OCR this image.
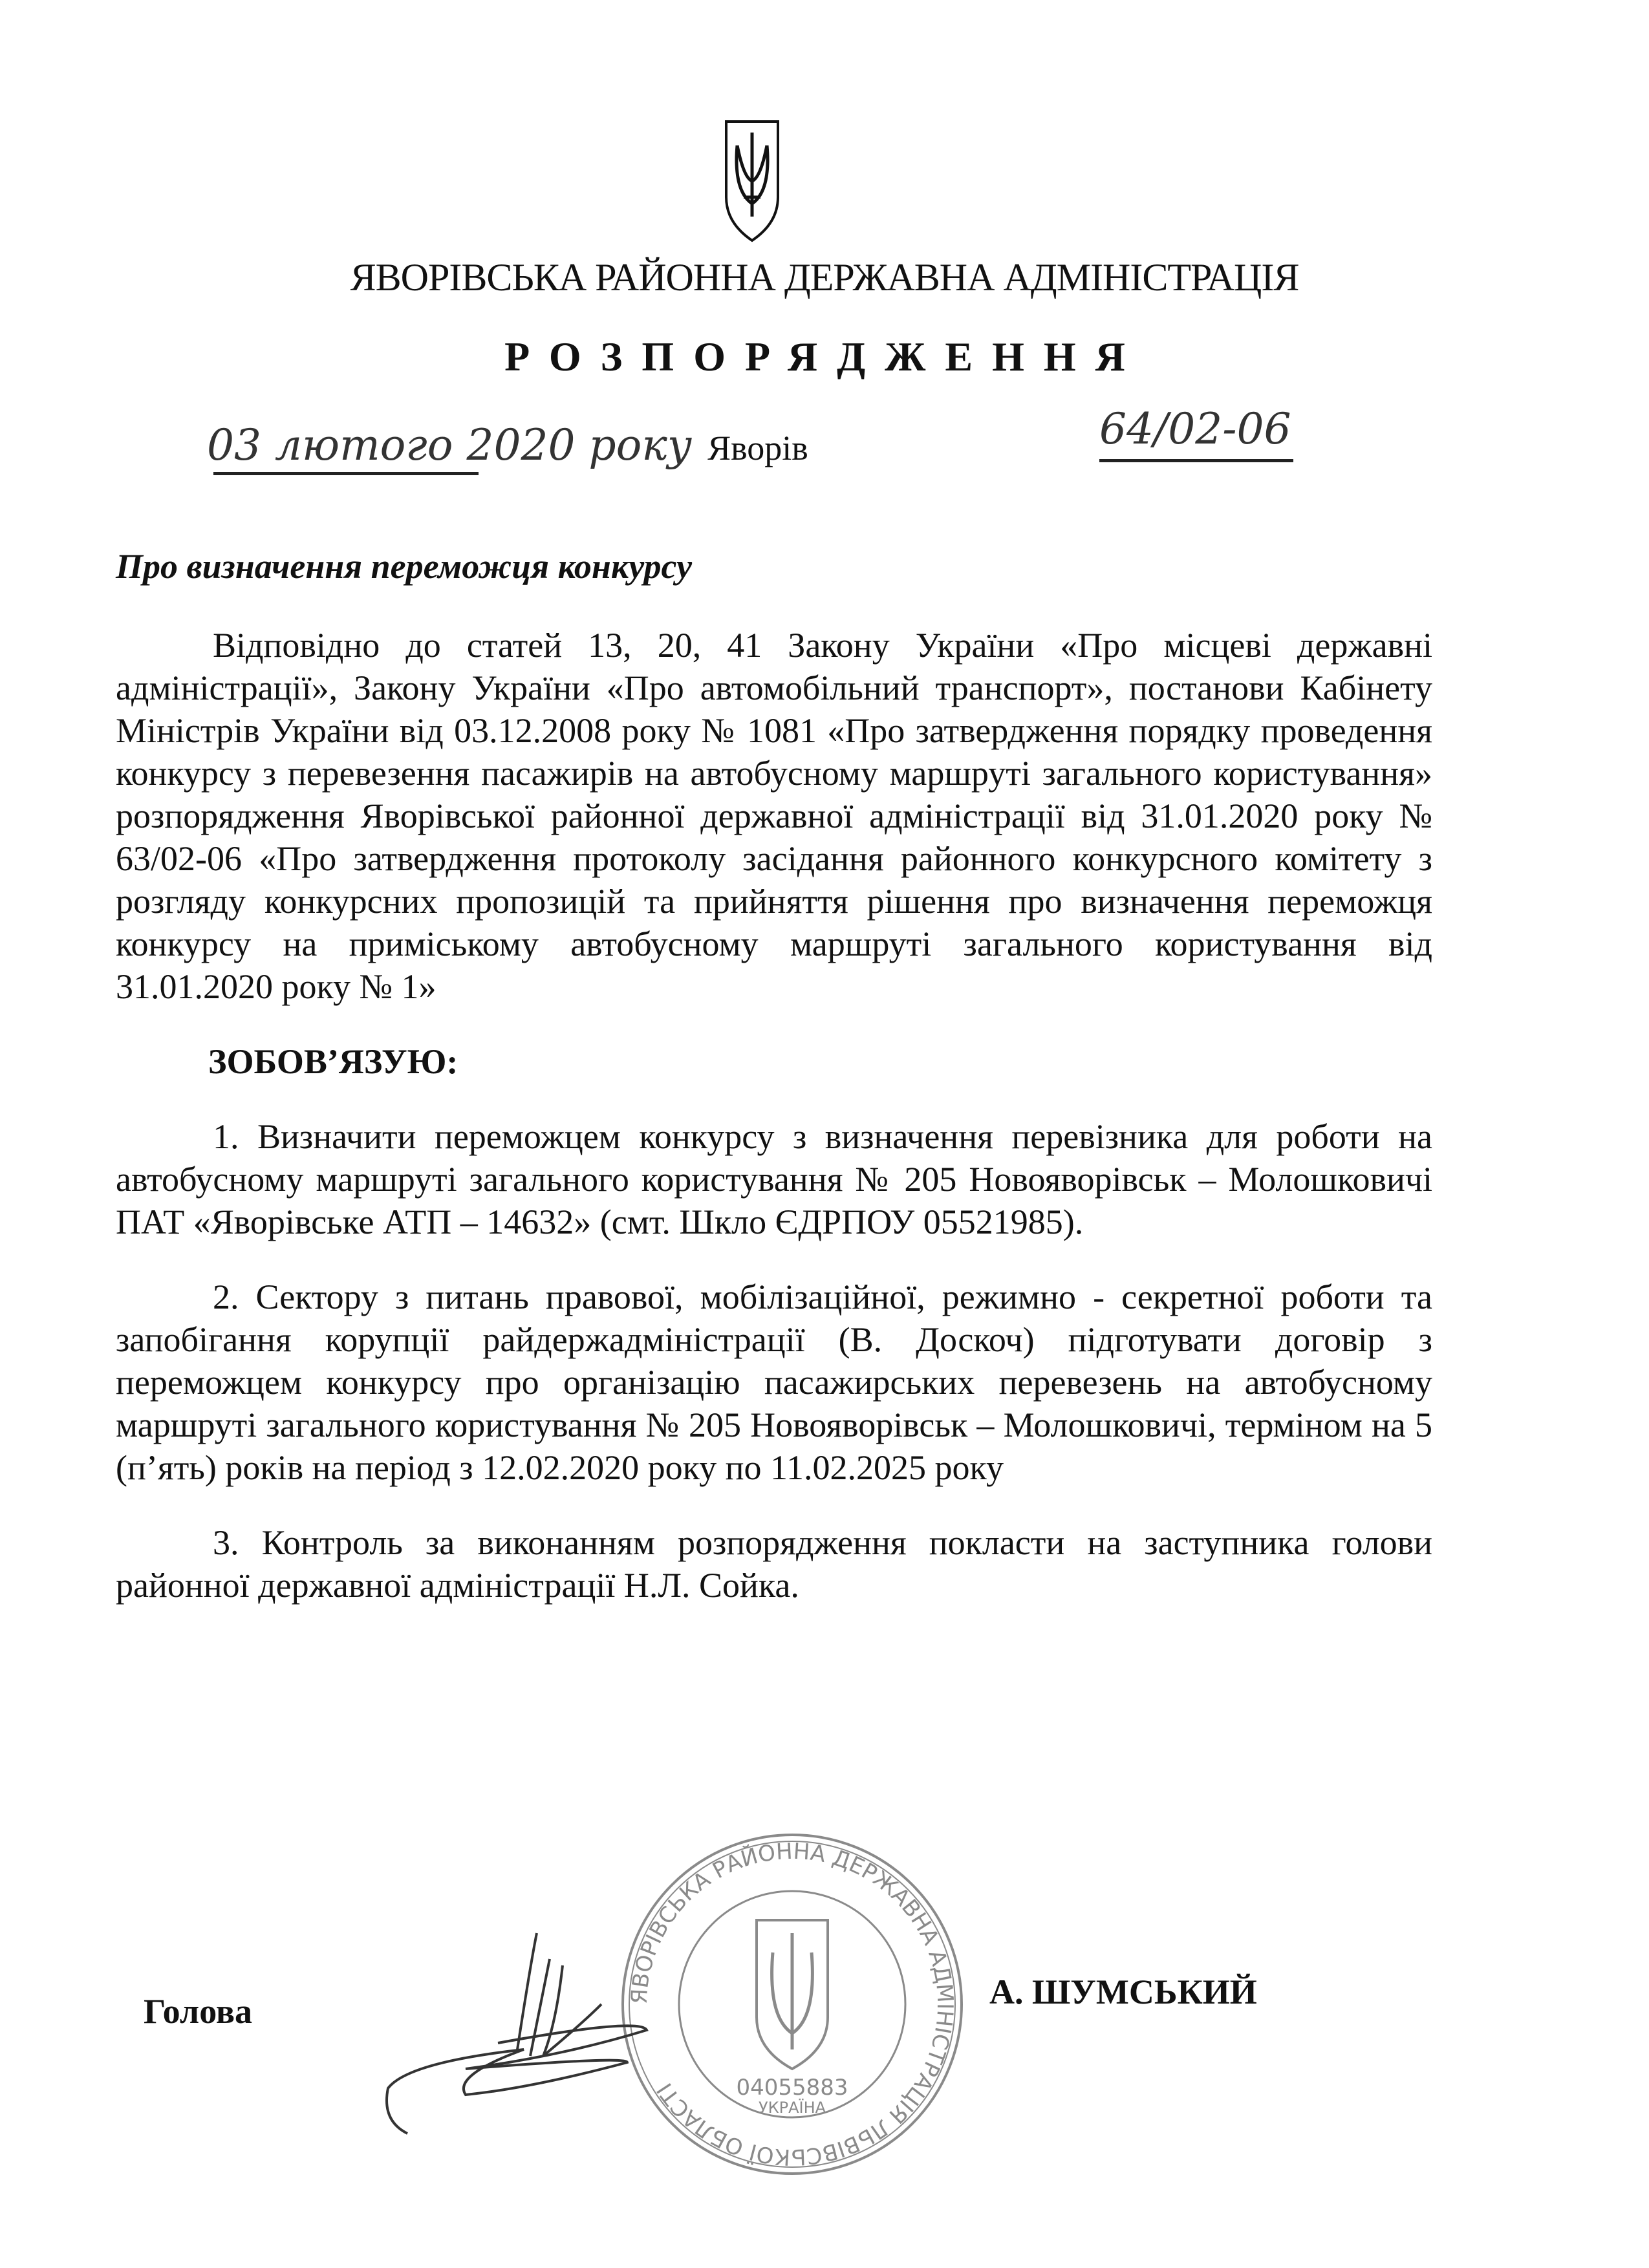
ЯВОРІВСЬКА РАЙОННА ДЕРЖАВНА АДМІНІСТРАЦІЯ
РОЗПОРЯДЖЕННЯ
03 лютого 2020 року Яворів	64/02-06
Про визначення переможця конкурсу
Відповідно до статей 13, 20, 41 Закону України «Про місцеві державні адміністрації», Закону України «Про автомобільний транспорт», постанови Кабінету Міністрів України від 03.12.2008 року № 1081 «Про затвердження порядку проведення конкурсу з перевезення пасажирів на автобусному маршруті загального користування» розпорядження Яворівської районної державної адміністрації від 31.01.2020 року № 63/02-06 «Про затвердження протоколу засідання районного конкурсного комітету з розгляду конкурсних пропозицій та прийняття рішення про визначення переможця конкурсу на приміському автобусному маршруті загального користування від 31.01.2020 року № 1»
ЗОБОВ’ЯЗУЮ:
1. Визначити переможцем конкурсу з визначення перевізника для роботи на автобусному маршруті загального користування № 205 Новояворівськ – Молошковичі ПАТ «Яворівське АТП – 14632» (смт. Шкло ЄДРПОУ 05521985).
2. Сектору з питань правової, мобілізаційної, режимно - секретної роботи та запобігання корупції райдержадміністрації (В. Доскоч) підготувати договір з переможцем конкурсу про організацію пасажирських перевезень на автобусному маршруті загального користування № 205 Новояворівськ – Молошковичі, терміном на 5 (п’ять) років на період з 12.02.2020 року по 11.02.2025 року
3. Контроль за виконанням розпорядження покласти на заступника голови районної державної адміністрації Н.Л. Сойка.
ЯВОРІВСЬКА РАЙОННА ДЕРЖАВНА АДМІНІСТРАЦІЯ ЛЬВІВСЬКОЇ ОБЛАСТІ	04055883
УКРАЇНА
Голова	А. ШУМСЬКИЙ
